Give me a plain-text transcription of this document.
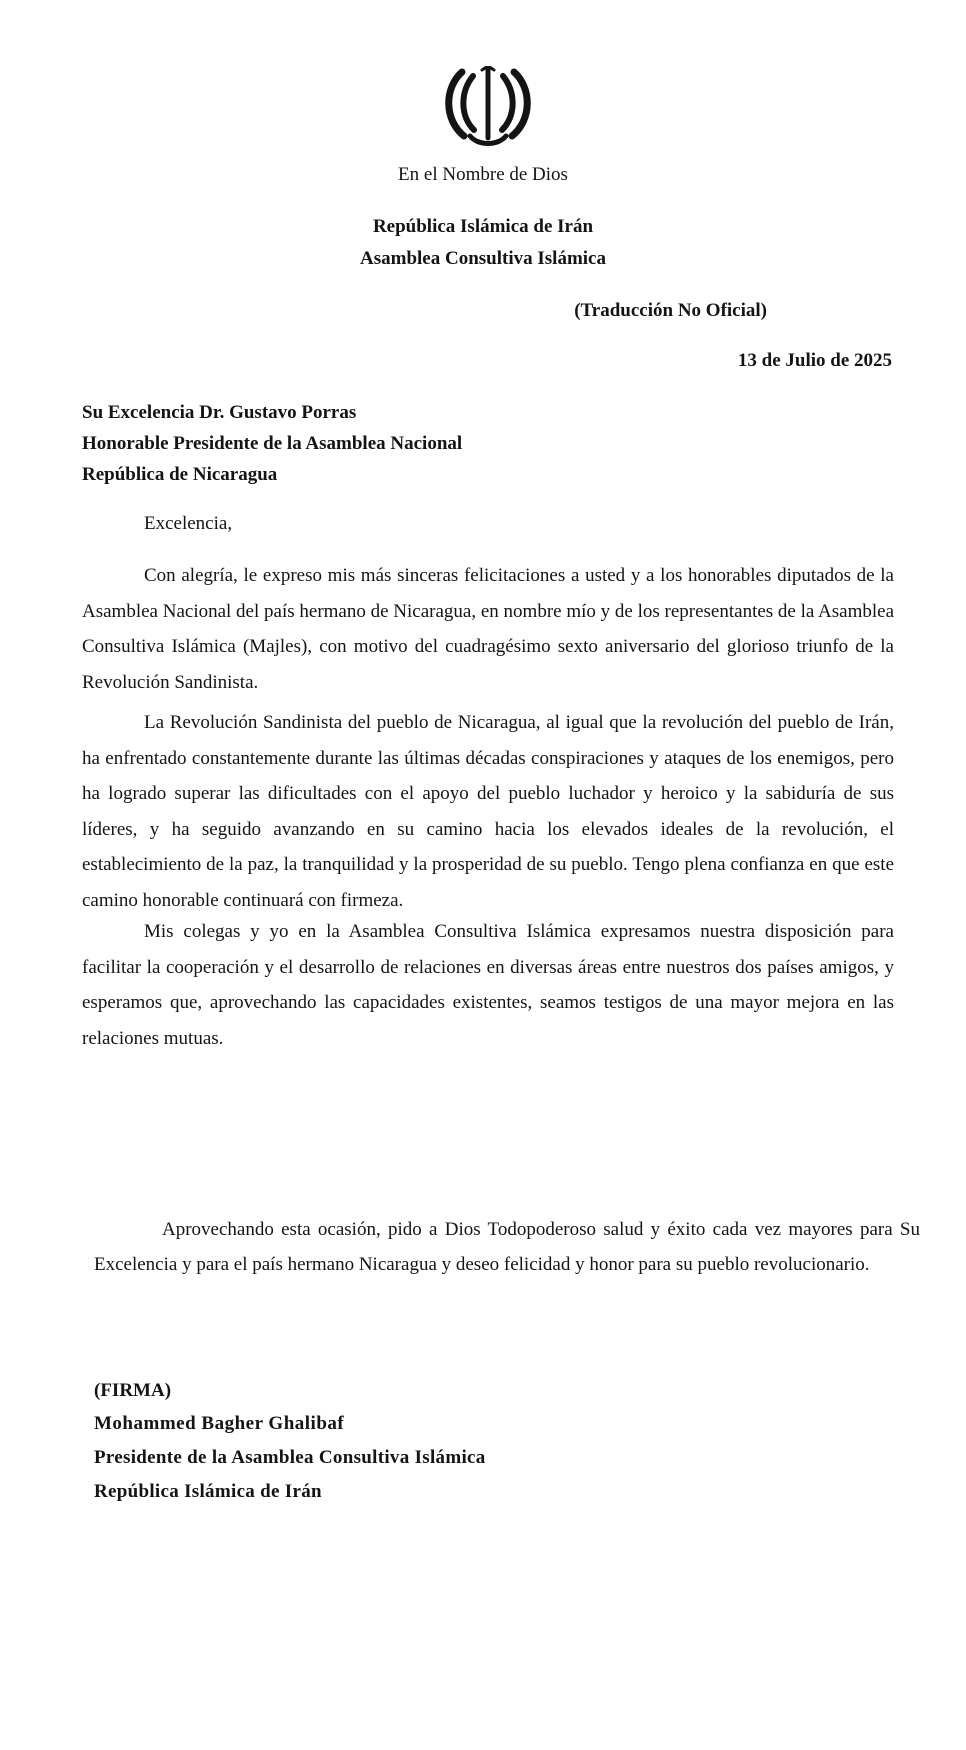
En el Nombre de Dios
República Islámica de Irán
Asamblea Consultiva Islámica
(Traducción No Oficial)
13 de Julio de 2025
Su Excelencia Dr. Gustavo Porras
Honorable Presidente de la Asamblea Nacional
República de Nicaragua
Excelencia,

Con alegría, le expreso mis más sinceras felicitaciones a usted y a los honorables diputados de la Asamblea Nacional del país hermano de Nicaragua, en nombre mío y de los representantes de la Asamblea Consultiva Islámica (Majles), con motivo del cuadragésimo sexto aniversario del glorioso triunfo de la Revolución Sandinista.

La Revolución Sandinista del pueblo de Nicaragua, al igual que la revolución del pueblo de Irán, ha enfrentado constantemente durante las últimas décadas conspiraciones y ataques de los enemigos, pero ha logrado superar las dificultades con el apoyo del pueblo luchador y heroico y la sabiduría de sus líderes, y ha seguido avanzando en su camino hacia los elevados ideales de la revolución, el establecimiento de la paz, la tranquilidad y la prosperidad de su pueblo. Tengo plena confianza en que este camino honorable continuará con firmeza.

Mis colegas y yo en la Asamblea Consultiva Islámica expresamos nuestra disposición para facilitar la cooperación y el desarrollo de relaciones en diversas áreas entre nuestros dos países amigos, y esperamos que, aprovechando las capacidades existentes, seamos testigos de una mayor mejora en las relaciones mutuas.

Aprovechando esta ocasión, pido a Dios Todopoderoso salud y éxito cada vez mayores para Su Excelencia y para el país hermano Nicaragua y deseo felicidad y honor para su pueblo revolucionario.

(FIRMA)
Mohammed Bagher Ghalibaf
Presidente de la Asamblea Consultiva Islámica
República Islámica de Irán
